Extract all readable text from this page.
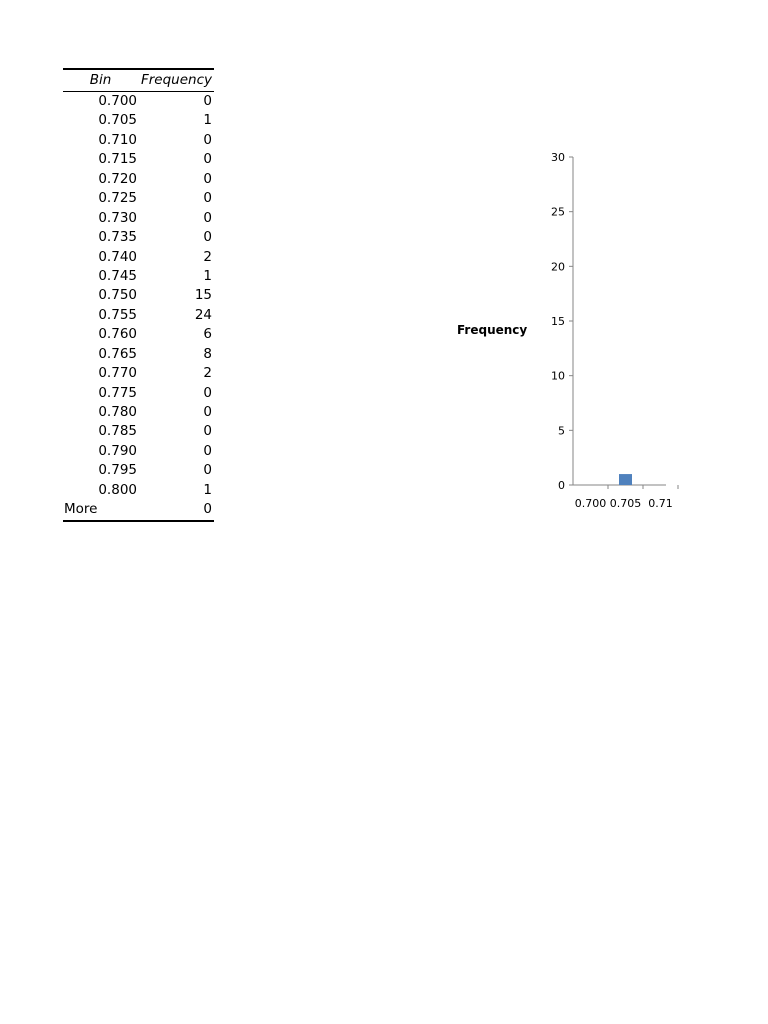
Bin	Frequency
0.700	0
0.705	1
0.710	0
0.715	0
0.720	0
0.725	0
0.730	0
0.735	0
0.740	2
0.745	1
0.750	15
0.755	24
0.760	6
0.765	8
0.770	2
0.775	0
0.780	0
0.785	0
0.790	0
0.795	0
0.800	1
More	0
0
5
10
15
20
25
30
0.700 0.705 0.71
Frequency
